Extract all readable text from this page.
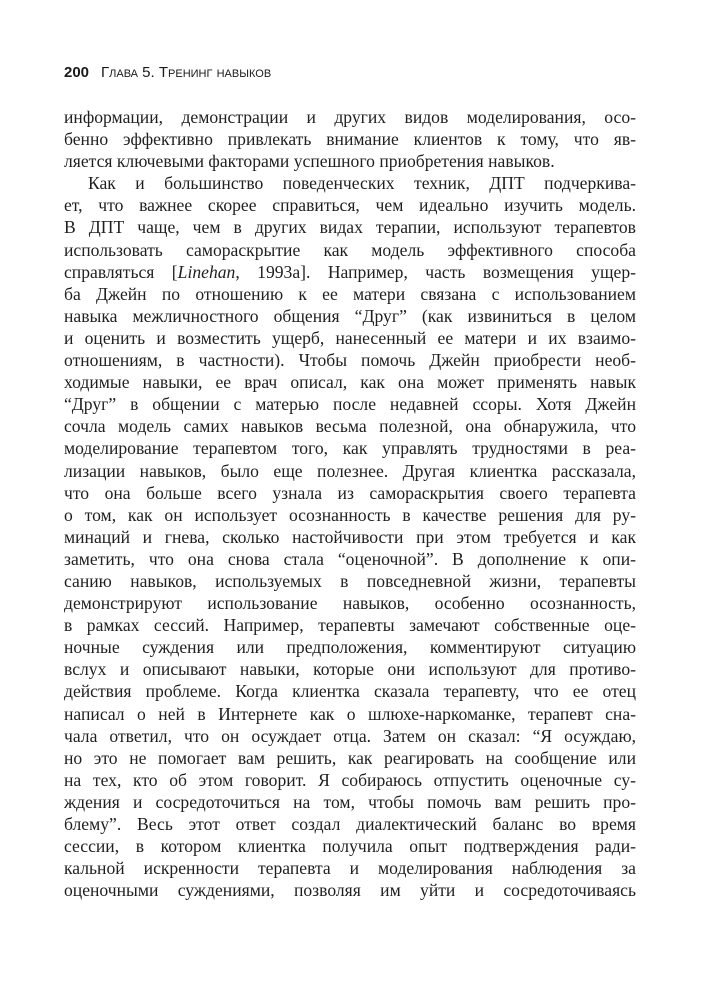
200 Глава 5. Тренинг навыков
информации, демонстрации и других видов моделирования, осо-
бенно эффективно привлекать внимание клиентов к тому, что яв-
ляется ключевыми факторами успешного приобретения навыков.
Как и большинство поведенческих техник, ДПТ подчеркива-
ет, что важнее скорее справиться, чем идеально изучить модель.
В ДПТ чаще, чем в других видах терапии, используют терапевтов
использовать самораскрытие как модель эффективного способа
справляться [Linehan, 1993a]. Например, часть возмещения ущер-
ба Джейн по отношению к ее матери связана с использованием
навыка межличностного общения “Друг” (как извиниться в целом
и оценить и возместить ущерб, нанесенный ее матери и их взаимо-
отношениям, в частности). Чтобы помочь Джейн приобрести необ-
ходимые навыки, ее врач описал, как она может применять навык
“Друг” в общении с матерью после недавней ссоры. Хотя Джейн
сочла модель самих навыков весьма полезной, она обнаружила, что
моделирование терапевтом того, как управлять трудностями в реа-
лизации навыков, было еще полезнее. Другая клиентка рассказала,
что она больше всего узнала из самораскрытия своего терапевта
о том, как он использует осознанность в качестве решения для ру-
минаций и гнева, сколько настойчивости при этом требуется и как
заметить, что она снова стала “оценочной”. В дополнение к опи-
санию навыков, используемых в повседневной жизни, терапевты
демонстрируют использование навыков, особенно осознанность,
в рамках сессий. Например, терапевты замечают собственные оце-
ночные суждения или предположения, комментируют ситуацию
вслух и описывают навыки, которые они используют для противо-
действия проблеме. Когда клиентка сказала терапевту, что ее отец
написал о ней в Интернете как о шлюхе-наркоманке, терапевт сна-
чала ответил, что он осуждает отца. Затем он сказал: “Я осуждаю,
но это не помогает вам решить, как реагировать на сообщение или
на тех, кто об этом говорит. Я собираюсь отпустить оценочные су-
ждения и сосредоточиться на том, чтобы помочь вам решить про-
блему”. Весь этот ответ создал диалектический баланс во время
сессии, в котором клиентка получила опыт подтверждения ради-
кальной искренности терапевта и моделирования наблюдения за
оценочными суждениями, позволяя им уйти и сосредоточиваясь
